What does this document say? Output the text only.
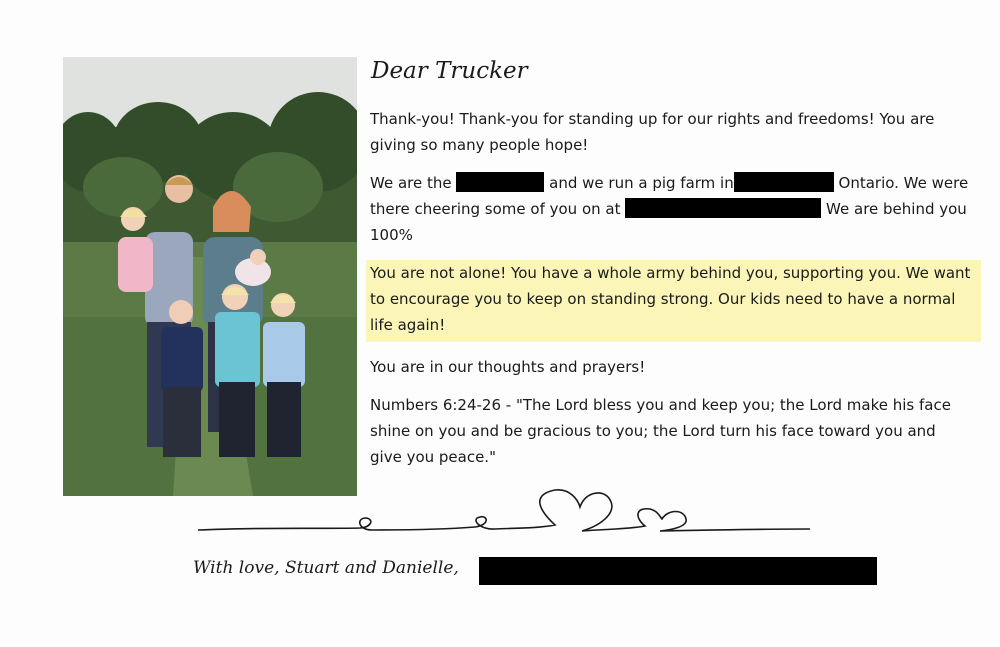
Dear Trucker

Thank-you! Thank-you for standing up for our rights and freedoms! You are giving so many people hope!

We are the	and we run a pig farm in	Ontario. We were there cheering some of you on at	We are behind you 100%

You are not alone! You have a whole army behind you, supporting you. We want to encourage you to keep on standing strong. Our kids need to have a normal life again!

You are in our thoughts and prayers!

Numbers 6:24-26 - "The Lord bless you and keep you; the Lord make his face shine on you and be gracious to you; the Lord turn his face toward you and give you peace."

With love, Stuart and Danielle,
